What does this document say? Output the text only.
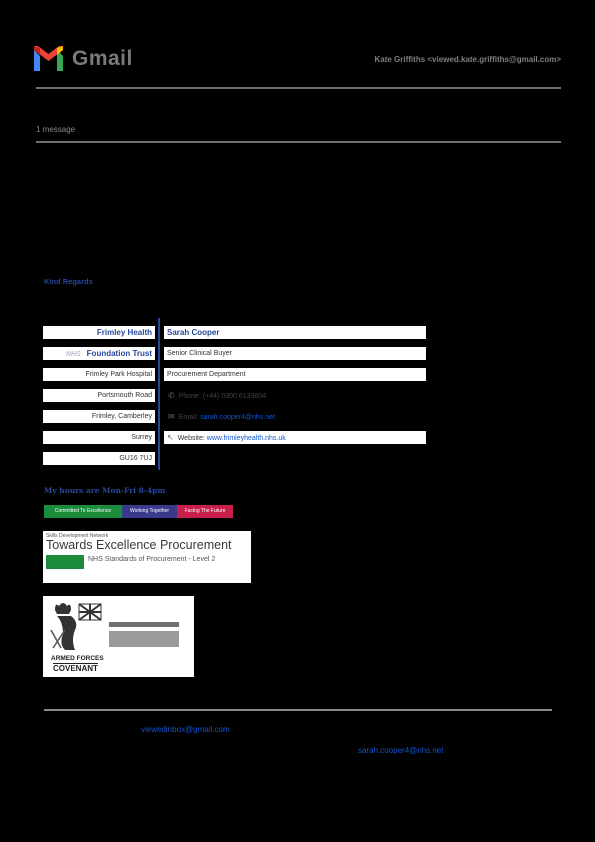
Gmail	Kate Griffiths <viewed.kate.griffiths@gmail.com>
1 message
Kind Regards
Frimley Health
NHS Foundation Trust
Frimley Park Hospital
Portsmouth Road
Frimley, Camberley
Surrey
GU16 7UJ
Sarah Cooper
Senior Clinical Buyer
Procurement Department
✆ Phone: (+44) 0300 6133604
✉ Email: sarah.cooper4@nhs.net
↖ Website: www.frimleyhealth.nhs.uk
My hours are Mon-Fri 8-4pm
Committed To Excellence	Working Together	Facing The Future
Skills Development Network
Towards Excellence Procurement
NHS Standards of Procurement - Level 2
ARMED FORCES
COVENANT
viewedinbox@gmail.com
sarah.cooper4@nhs.net
